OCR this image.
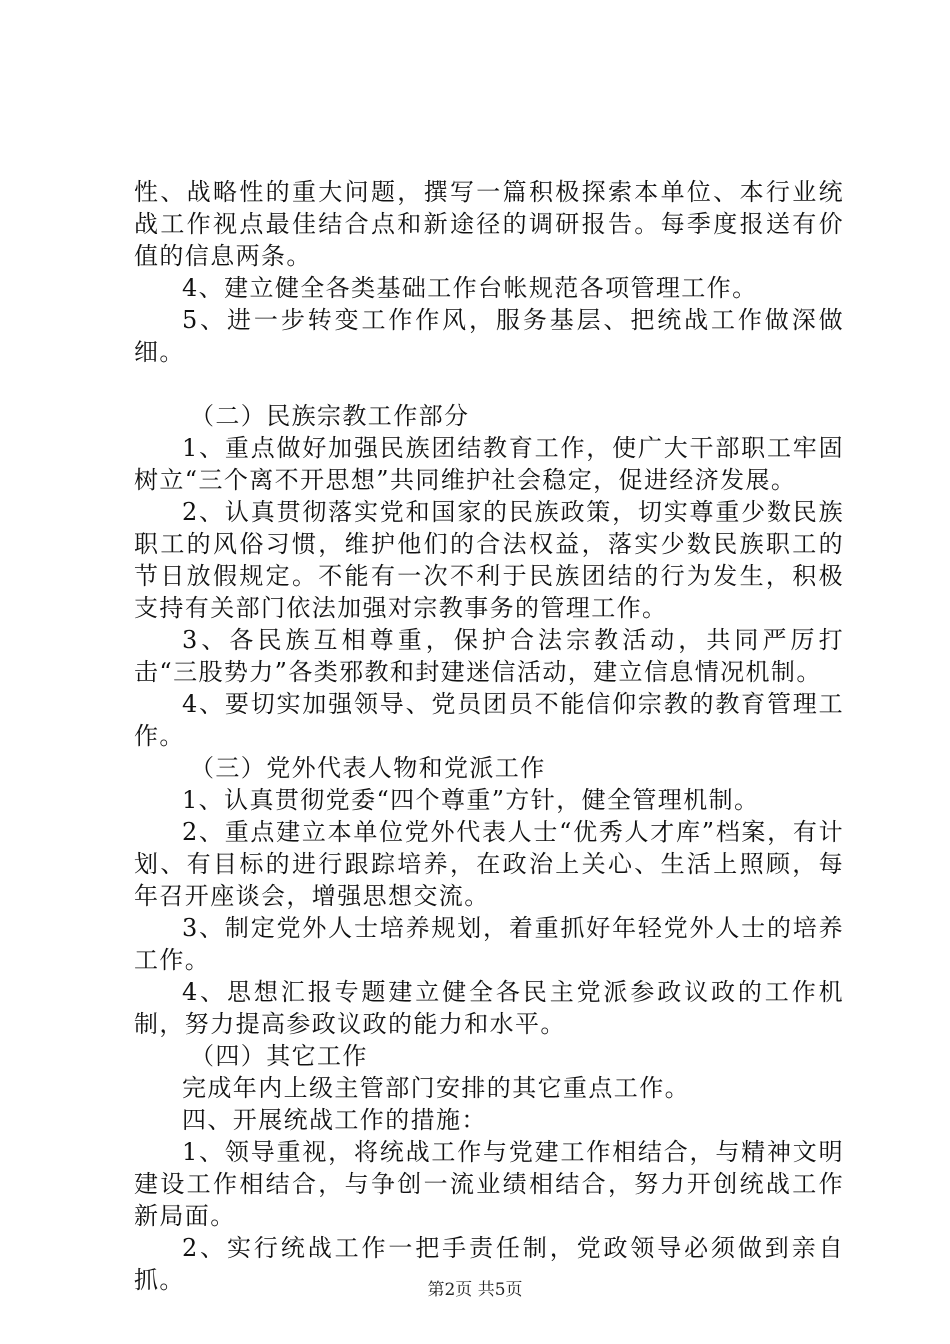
性、战略性的重大问题，撰写一篇积极探索本单位、本行业统战工作视点最佳结合点和新途径的调研报告。每季度报送有价值的信息两条。

4、建立健全各类基础工作台帐规范各项管理工作。

5、进一步转变工作作风，服务基层、把统战工作做深做细。

（二）民族宗教工作部分

1、重点做好加强民族团结教育工作，使广大干部职工牢固树立“三个离不开思想”共同维护社会稳定，促进经济发展。

2、认真贯彻落实党和国家的民族政策，切实尊重少数民族职工的风俗习惯，维护他们的合法权益，落实少数民族职工的节日放假规定。不能有一次不利于民族团结的行为发生，积极支持有关部门依法加强对宗教事务的管理工作。

3、各民族互相尊重，保护合法宗教活动，共同严厉打击“三股势力”各类邪教和封建迷信活动，建立信息情况机制。

4、要切实加强领导、党员团员不能信仰宗教的教育管理工作。

（三）党外代表人物和党派工作

1、认真贯彻党委“四个尊重”方针，健全管理机制。

2、重点建立本单位党外代表人士“优秀人才库”档案，有计划、有目标的进行跟踪培养，在政治上关心、生活上照顾，每年召开座谈会，增强思想交流。

3、制定党外人士培养规划，着重抓好年轻党外人士的培养工作。

4、思想汇报专题建立健全各民主党派参政议政的工作机制，努力提高参政议政的能力和水平。

（四）其它工作

完成年内上级主管部门安排的其它重点工作。

四、开展统战工作的措施：

1、领导重视，将统战工作与党建工作相结合，与精神文明建设工作相结合，与争创一流业绩相结合，努力开创统战工作新局面。

2、实行统战工作一把手责任制，党政领导必须做到亲自抓。	第2页 共5页
